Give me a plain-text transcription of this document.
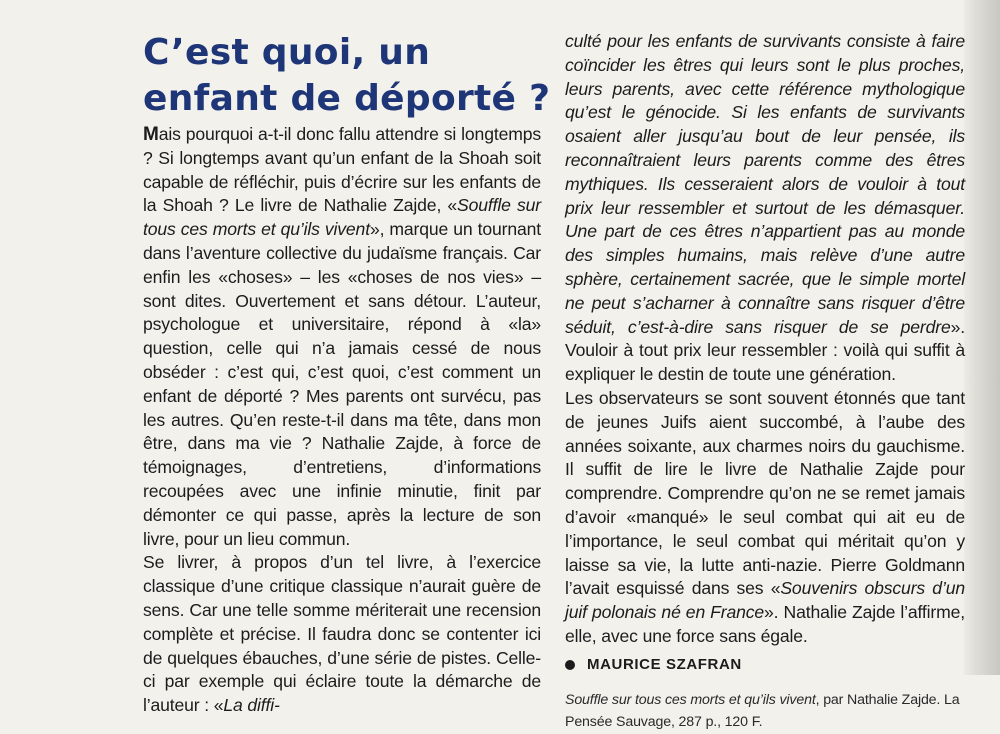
C’est quoi, un enfant de déporté ?

Mais pourquoi a-t-il donc fallu attendre si longtemps ? Si longtemps avant qu’un enfant de la Shoah soit capable de réfléchir, puis d’écrire sur les enfants de la Shoah ? Le livre de Nathalie Zajde, «Souffle sur tous ces morts et qu’ils vivent», marque un tournant dans l’aventure collective du judaïsme français. Car enfin les «choses» – les «choses de nos vies» – sont dites. Ouvertement et sans détour. L’auteur, psychologue et universitaire, répond à «la» question, celle qui n’a jamais cessé de nous obséder : c’est qui, c’est quoi, c’est comment un enfant de déporté ? Mes parents ont survécu, pas les autres. Qu’en reste-t-il dans ma tête, dans mon être, dans ma vie ? Nathalie Zajde, à force de témoignages, d’entretiens, d’informations recoupées avec une infinie minutie, finit par démonter ce qui passe, après la lecture de son livre, pour un lieu commun.

Se livrer, à propos d’un tel livre, à l’exercice classique d’une critique classique n’aurait guère de sens. Car une telle somme mériterait une recension complète et précise. Il faudra donc se contenter ici de quelques ébauches, d’une série de pistes. Celle-ci par exemple qui éclaire toute la démarche de l’auteur : «La diffi-

culté pour les enfants de survivants consiste à faire coïncider les êtres qui leurs sont le plus proches, leurs parents, avec cette référence mythologique qu’est le génocide. Si les enfants de survivants osaient aller jusqu’au bout de leur pensée, ils reconnaîtraient leurs parents comme des êtres mythiques. Ils cesseraient alors de vouloir à tout prix leur ressembler et surtout de les démasquer. Une part de ces êtres n’appartient pas au monde des simples humains, mais relève d’une autre sphère, certainement sacrée, que le simple mortel ne peut s’acharner à connaître sans risquer d’être séduit, c’est-à-dire sans risquer de se perdre». Vouloir à tout prix leur ressembler : voilà qui suffit à expliquer le destin de toute une génération.

Les observateurs se sont souvent étonnés que tant de jeunes Juifs aient succombé, à l’aube des années soixante, aux charmes noirs du gauchisme. Il suffit de lire le livre de Nathalie Zajde pour comprendre. Comprendre qu’on ne se remet jamais d’avoir «manqué» le seul combat qui ait eu de l’importance, le seul combat qui méritait qu’on y laisse sa vie, la lutte anti-nazie. Pierre Goldmann l’avait esquissé dans ses «Souvenirs obscurs d’un juif polonais né en France». Nathalie Zajde l’affirme, elle, avec une force sans égale.

MAURICE SZAFRAN
Souffle sur tous ces morts et qu’ils vivent, par Nathalie Zajde. La Pensée Sauvage, 287 p., 120 F.
